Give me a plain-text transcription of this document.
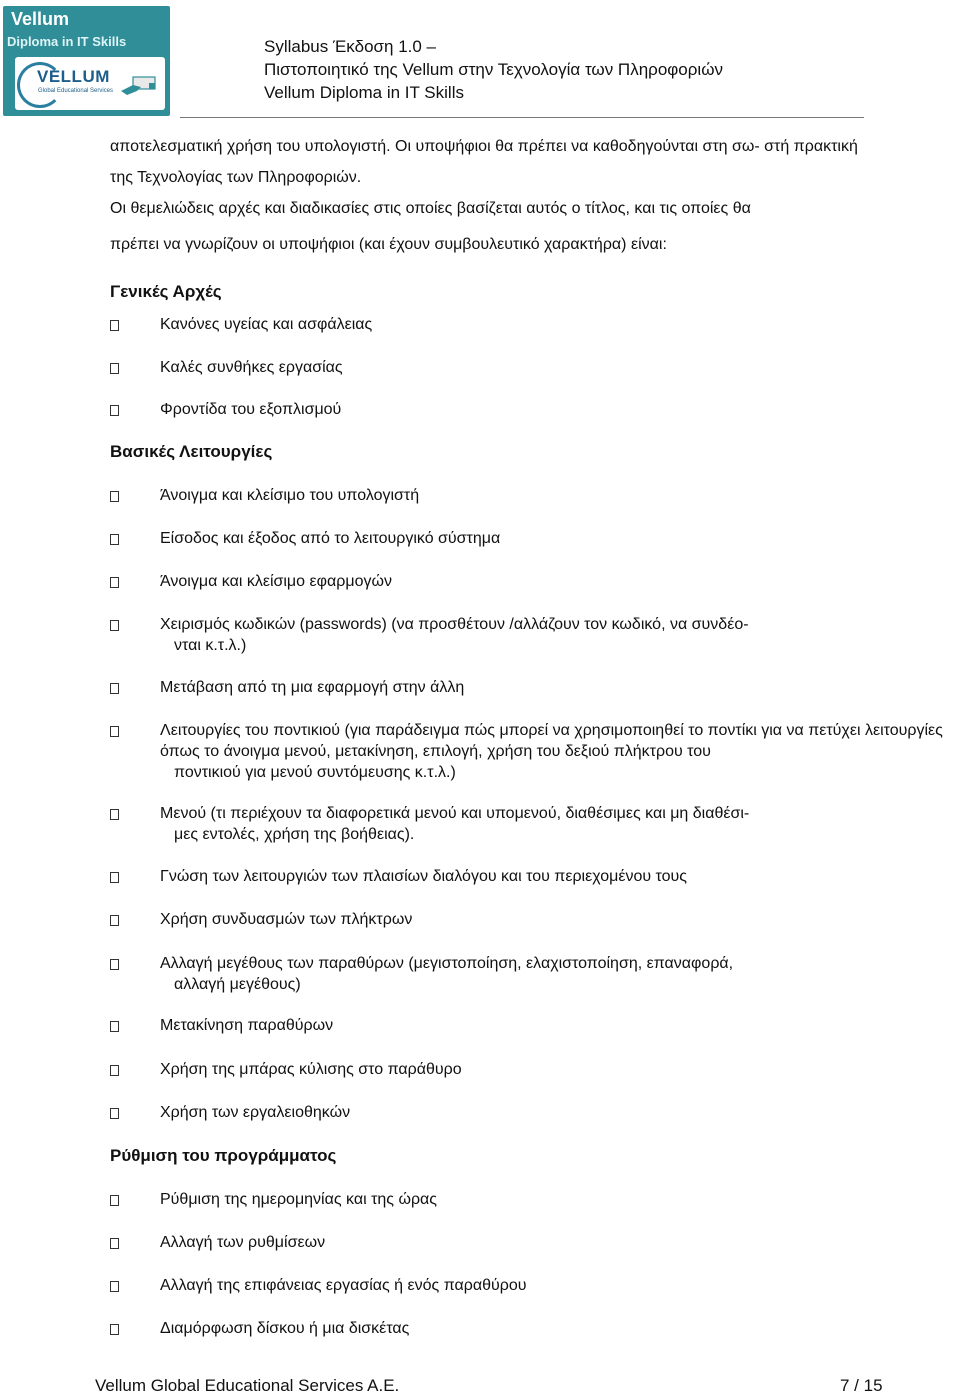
Vellum
Diploma in IT Skills
VELLUM
Global Educational Services
Syllabus Έκδοση 1.0 –
Πιστοποιητικό της Vellum στην Τεχνολογία των Πληροφοριών
Vellum Diploma in IT Skills
αποτελεσματική χρήση του υπολογιστή. Οι υποψήφιοι θα πρέπει να καθοδηγούνται στη σω- στή πρακτική
της Τεχνολογίας των Πληροφοριών.
Οι θεμελιώδεις αρχές και διαδικασίες στις οποίες βασίζεται αυτός ο τίτλος, και τις οποίες θα
πρέπει να γνωρίζουν οι υποψήφιοι (και έχουν συμβουλευτικό χαρακτήρα) είναι:
Γενικές Αρχές
Κανόνες υγείας και ασφάλειας
Καλές συνθήκες εργασίας
Φροντίδα του εξοπλισμού
Βασικές Λειτουργίες
Άνοιγμα και κλείσιμο του υπολογιστή
Είσοδος και έξοδος από το λειτουργικό σύστημα
Άνοιγμα και κλείσιμο εφαρμογών
Χειρισμός κωδικών (passwords) (να προσθέτουν /αλλάζουν τον κωδικό, να συνδέο-
νται κ.τ.λ.)
Μετάβαση από τη μια εφαρμογή στην άλλη
Λειτουργίες του ποντικιού (για παράδειγμα πώς μπορεί να χρησιμοποιηθεί το ποντίκι για να πετύχει λειτουργίες όπως το άνοιγμα μενού, μετακίνηση, επιλογή, χρήση του δεξιού πλήκτρου του
ποντικιού για μενού συντόμευσης κ.τ.λ.)
Μενού (τι περιέχουν τα διαφορετικά μενού και υπομενού, διαθέσιμες και μη διαθέσι-
μες εντολές, χρήση της βοήθειας).
Γνώση των λειτουργιών των πλαισίων διαλόγου και του περιεχομένου τους
Χρήση συνδυασμών των πλήκτρων
Αλλαγή μεγέθους των παραθύρων (μεγιστοποίηση, ελαχιστοποίηση, επαναφορά,
αλλαγή μεγέθους)
Μετακίνηση παραθύρων
Χρήση της μπάρας κύλισης στο παράθυρο
Χρήση των εργαλειοθηκών
Ρύθμιση του προγράμματος
Ρύθμιση της ημερομηνίας και της ώρας
Αλλαγή των ρυθμίσεων
Αλλαγή της επιφάνειας εργασίας ή ενός παραθύρου
Διαμόρφωση δίσκου ή μια δισκέτας
Vellum Global Educational Services A.E.	7 / 15
